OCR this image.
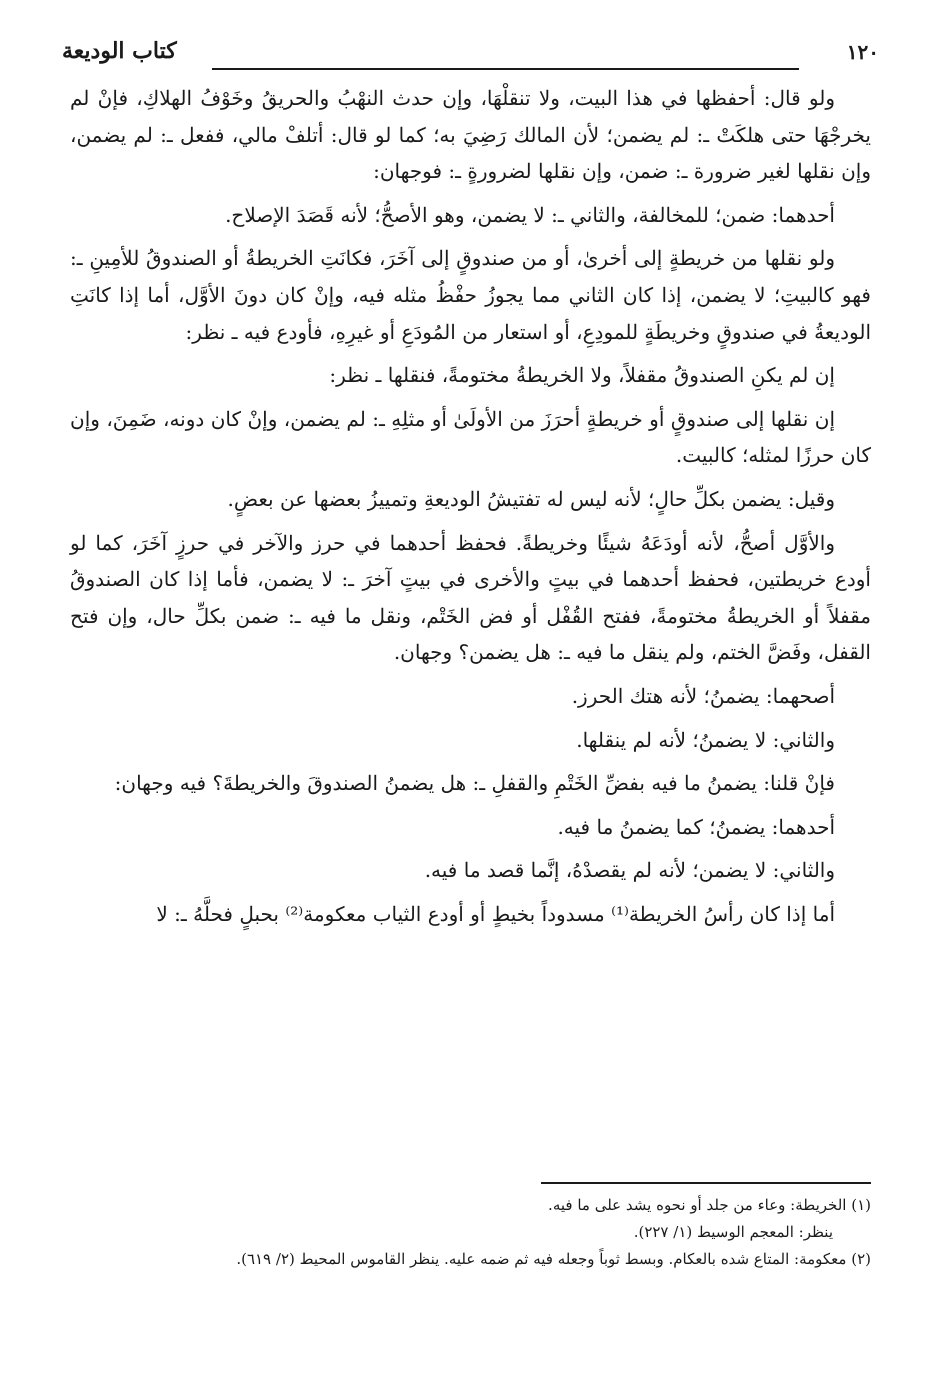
١٢٠
كتاب الوديعة

ولو قال: أحفظها في هذا البيت، ولا تنقلْهَا، وإن حدث النهْبُ والحريقُ وخَوْفُ الهلاكِ، فإنْ لم يخرجْهَا حتى هلكَتْ ـ: لم يضمن؛ لأن المالك رَضِيَ به؛ كما لو قال: أتلفْ مالي، ففعل ـ: لم يضمن، وإن نقلها لغير ضرورة ـ: ضمن، وإن نقلها لضرورةٍ ـ: فوجهان:

أحدهما: ضمن؛ للمخالفة، والثاني ـ: لا يضمن، وهو الأصحُّ؛ لأنه قَصَدَ الإصلاح.

ولو نقلها من خريطةٍ إلى أخرىٰ، أو من صندوقٍ إلى آخَرَ، فكانَتِ الخريطةُ أو الصندوقُ للأمِينِ ـ: فهو كالبيتِ؛ لا يضمن، إذا كان الثاني مما يجوزُ حفْظُ مثله فيه، وإنْ كان دونَ الأوَّل، أما إذا كانَتِ الوديعةُ في صندوقٍ وخريطَةٍ للمودِعِ، أو استعار من المُودَعِ أو غيرِهِ، فأودع فيه ـ نظر:

إن لم يكنِ الصندوقُ مقفلاً، ولا الخريطةُ مختومةً، فنقلها ـ نظر:

إن نقلها إلى صندوقٍ أو خريطةٍ أحرَزَ من الأولَىٰ أو مثلِهِ ـ: لم يضمن، وإنْ كان دونه، ضَمِنَ، وإن كان حرزًا لمثله؛ كالبيت.

وقيل: يضمن بكلِّ حالٍ؛ لأنه ليس له تفتيشُ الوديعةِ وتمييزُ بعضها عن بعضٍ.

والأوَّل أصحُّ، لأنه أودَعَهُ شيئًا وخريطةً. فحفظ أحدهما في حرز والآخر في حرزٍ آخَرَ، كما لو أودع خريطتين، فحفظ أحدهما في بيتٍ والأخرى في بيتٍ آخرَ ـ: لا يضمن، فأما إذا كان الصندوقُ مقفلاً أو الخريطةُ مختومةً، ففتح القُفْل أو فض الخَتْم، ونقل ما فيه ـ: ضمن بكلِّ حال، وإن فتح القفل، وفَضَّ الختم، ولم ينقل ما فيه ـ: هل يضمن؟ وجهان.

أصحهما: يضمنُ؛ لأنه هتك الحرز.

والثاني: لا يضمنُ؛ لأنه لم ينقلها.

فإنْ قلنا: يضمنُ ما فيه بفضِّ الخَتْمِ والقفلِ ـ: هل يضمنُ الصندوقَ والخريطةَ؟ فيه وجهان:

أحدهما: يضمنُ؛ كما يضمنُ ما فيه.

والثاني: لا يضمن؛ لأنه لم يقصدْهُ، إنَّما قصد ما فيه.

أما إذا كان رأسُ الخريطة⁽¹⁾ مسدوداً بخيطٍ أو أودع الثياب معكومة⁽²⁾ بحبلٍ فحلَّهُ ـ: لا

(١) الخريطة: وعاء من جلد أو نحوه يشد على ما فيه.

ينظر: المعجم الوسيط (١/ ٢٢٧).

(٢) معكومة: المتاع شده بالعكام. وبسط ثوباً وجعله فيه ثم ضمه عليه. ينظر القاموس المحيط (٢/ ٦١٩).
